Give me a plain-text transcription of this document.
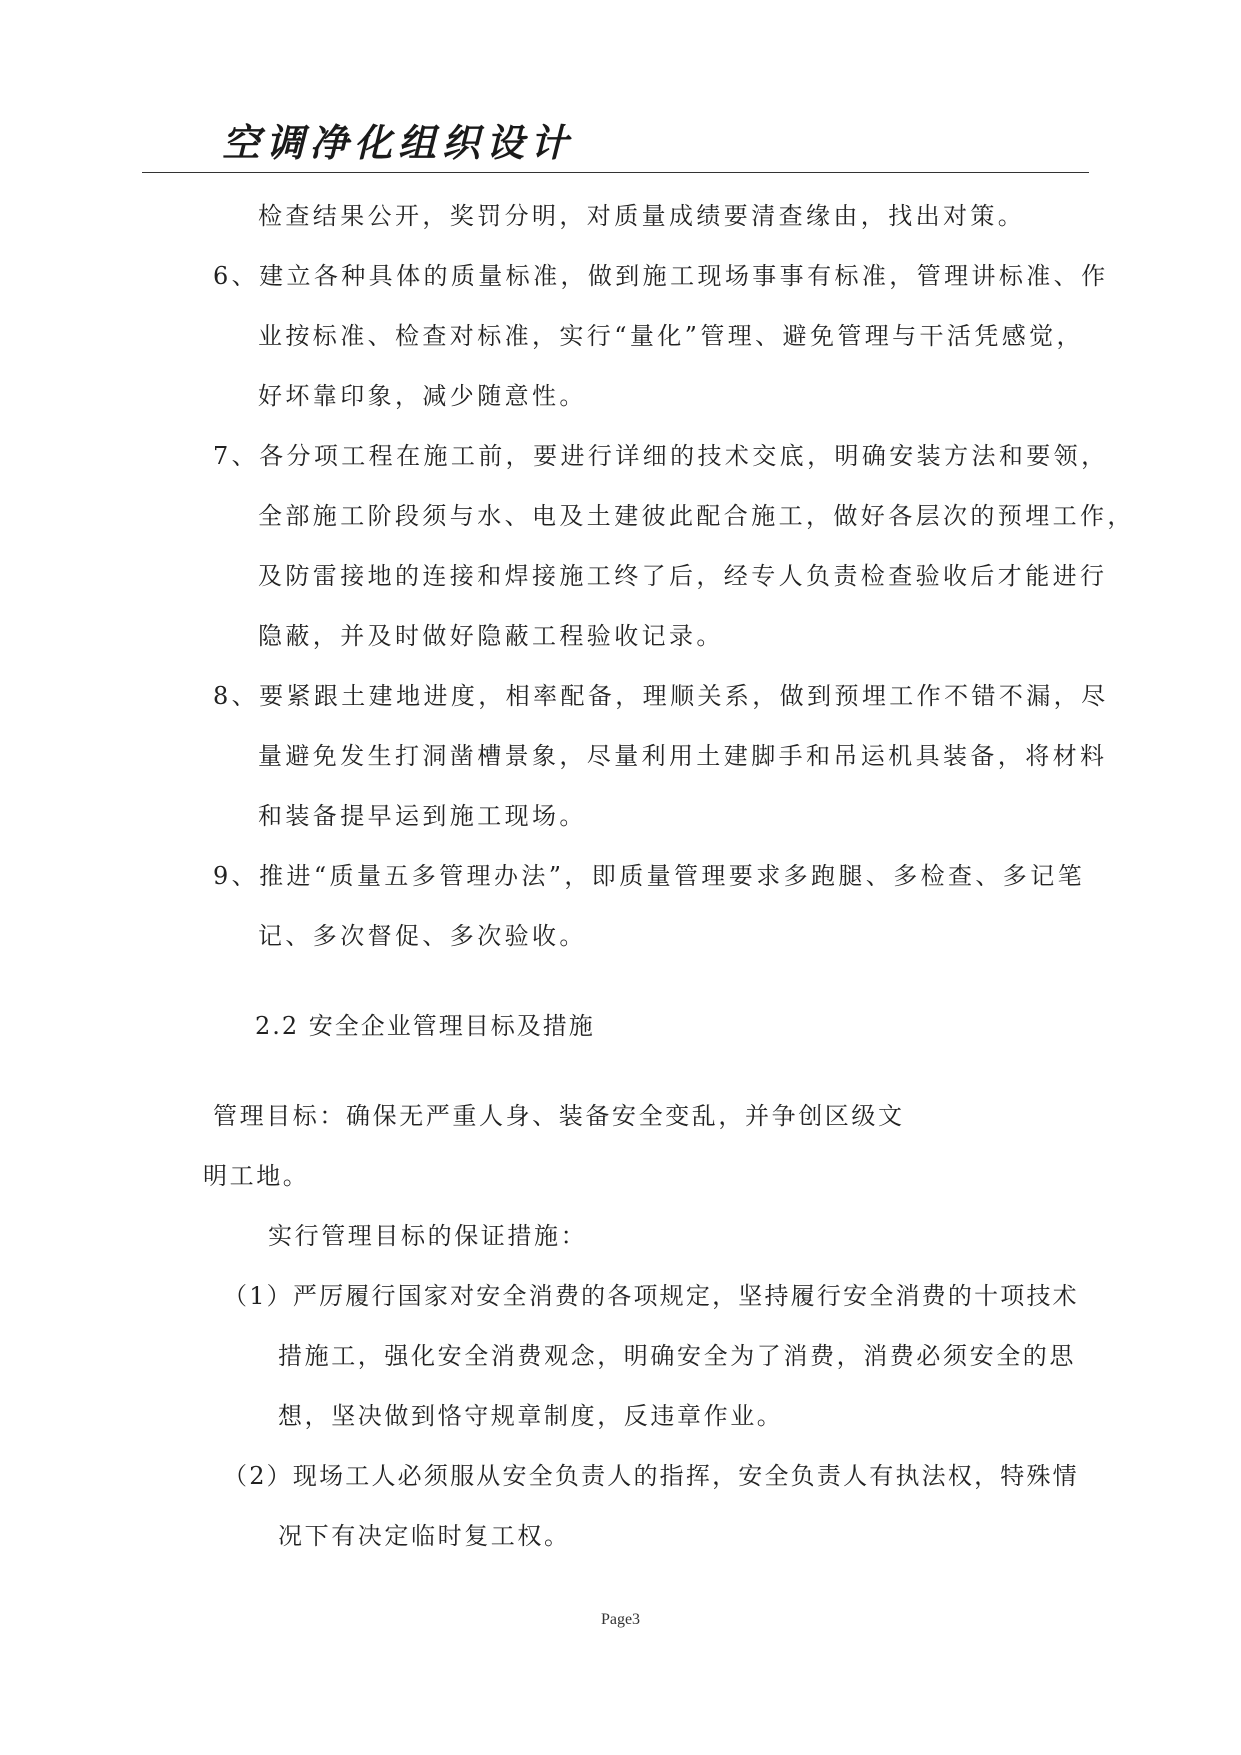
空调净化组织设计
检查结果公开，奖罚分明，对质量成绩要清查缘由，找出对策。
6、建立各种具体的质量标准，做到施工现场事事有标准，管理讲标准、作
业按标准、检查对标准，实行“量化”管理、避免管理与干活凭感觉，
好坏靠印象，减少随意性。
7、各分项工程在施工前，要进行详细的技术交底，明确安装方法和要领，
全部施工阶段须与水、电及土建彼此配合施工，做好各层次的预埋工作，
及防雷接地的连接和焊接施工终了后，经专人负责检查验收后才能进行
隐蔽，并及时做好隐蔽工程验收记录。
8、要紧跟土建地进度，相率配备，理顺关系，做到预埋工作不错不漏，尽
量避免发生打洞凿槽景象，尽量利用土建脚手和吊运机具装备，将材料
和装备提早运到施工现场。
9、推进“质量五多管理办法”，即质量管理要求多跑腿、多检查、多记笔
记、多次督促、多次验收。
2.2 安全企业管理目标及措施
管理目标：确保无严重人身、装备安全变乱，并争创区级文
明工地。
实行管理目标的保证措施：
（1）严厉履行国家对安全消费的各项规定，坚持履行安全消费的十项技术
措施工，强化安全消费观念，明确安全为了消费，消费必须安全的思
想，坚决做到恪守规章制度，反违章作业。
（2）现场工人必须服从安全负责人的指挥，安全负责人有执法权，特殊情
况下有决定临时复工权。
Page3
